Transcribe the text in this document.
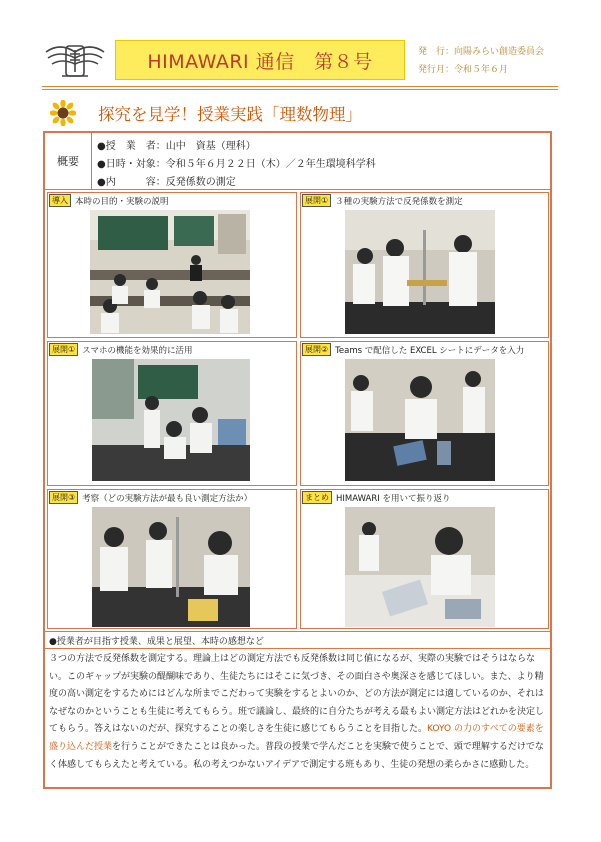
HIMAWARI 通信　第８号	発　行：向陽みらい創造委員会
発行月：令和５年６月
探究を見学！授業実践「理数物理」
概要
●授　業　者：山中　資基（理科）
●日時・対象：令和５年６月２２日（木）／２年生環境科学科
●内　　　容：反発係数の測定
導入 本時の目的・実験の説明	展開① ３種の実験方法で反発係数を測定
展開① スマホの機能を効果的に活用	展開② Teams で配信した EXCEL シートにデータを入力
展開③ 考察（どの実験方法が最も良い測定方法か）	まとめ HIMAWARI を用いて振り返り
●授業者が目指す授業、成果と展望、本時の感想など
３つの方法で反発係数を測定する。理論上はどの測定方法でも反発係数は同じ値になるが、実際の実験ではそうはならない。このギャップが実験の醍醐味であり、生徒たちにはそこに気づき、その面白さや奥深さを感じてほしい。また、より精度の高い測定をするためにはどんな所までこだわって実験をするとよいのか、どの方法が測定には適しているのか、それはなぜなのかということも生徒に考えてもらう。班で議論し、最終的に自分たちが考える最もよい測定方法はどれかを決定してもらう。答えはないのだが、探究することの楽しさを生徒に感じてもらうことを目指した。KOYO の力のすべての要素を盛り込んだ授業を行うことができたことは良かった。普段の授業で学んだことを実験で使うことで、頭で理解するだけでなく体感してもらえたと考えている。私の考えつかないアイデアで測定する班もあり、生徒の発想の柔らかさに感動した。
